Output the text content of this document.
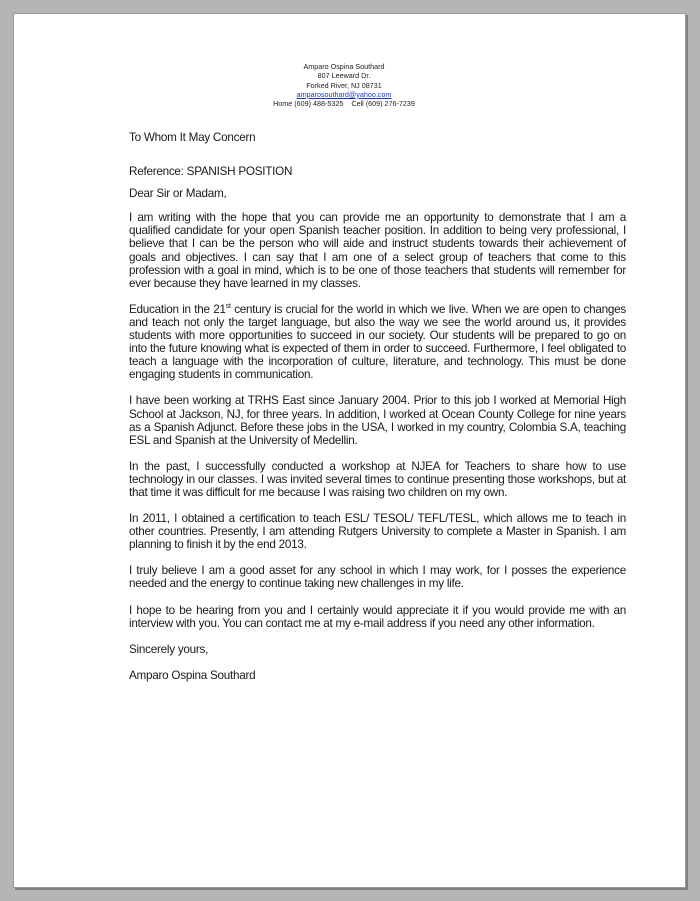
Amparo Ospina Southard
807 Leeward Dr.
Forked River, NJ 08731
amparosouthard@yahoo.com
Home (609) 488-5325    Cell (609) 276-7239

To Whom It May Concern

Reference: SPANISH POSITION

Dear Sir or Madam,

I am writing with the hope that you can provide me an opportunity to demonstrate that I am a qualified candidate for your open Spanish teacher position. In addition to being very professional, I believe that I can be the person who will aide and instruct students towards their achievement of goals and objectives. I can say that I am one of a select group of teachers that come to this profession with a goal in mind, which is to be one of those teachers that students will remember for ever because they have learned in my classes.

Education in the 21st century is crucial for the world in which we live. When we are open to changes and teach not only the target language, but also the way we see the world around us, it provides students with more opportunities to succeed in our society. Our students will be prepared to go on into the future knowing what is expected of them in order to succeed. Furthermore, I feel obligated to teach a language with the incorporation of culture, literature, and technology. This must be done engaging students in communication.

I have been working at TRHS East since January 2004. Prior to this job I worked at Memorial High School at Jackson, NJ, for three years. In addition, I worked at Ocean County College for nine years as a Spanish Adjunct. Before these jobs in the USA, I worked in my country, Colombia S.A, teaching ESL and Spanish at the University of Medellin.

In the past, I successfully conducted a workshop at NJEA for Teachers to share how to use technology in our classes. I was invited several times to continue presenting those workshops, but at that time it was difficult for me because I was raising two children on my own.

In 2011, I obtained a certification to teach ESL/ TESOL/ TEFL/TESL, which allows me to teach in other countries. Presently, I am attending Rutgers University to complete a Master in Spanish. I am planning to finish it by the end 2013.

I truly believe I am a good asset for any school in which I may work, for I posses the experience needed and the energy to continue taking new challenges in my life.

I hope to be hearing from you and I certainly would appreciate it if you would provide me with an interview with you. You can contact me at my e-mail address if you need any other information.

Sincerely yours,

Amparo Ospina Southard
